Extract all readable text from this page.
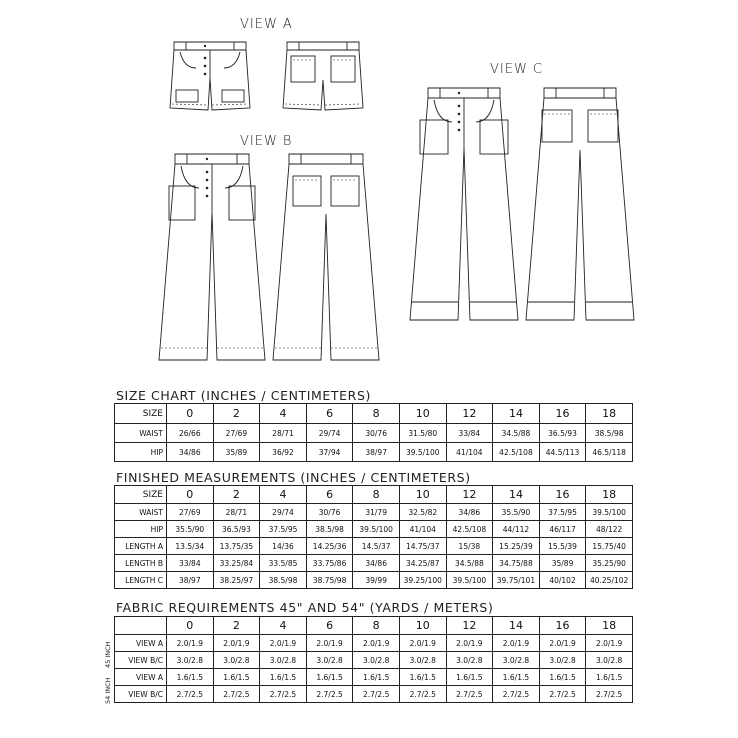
VIEW A
VIEW B
VIEW C
SIZE CHART (INCHES / CENTIMETERS)
SIZE	0	2	4	6	8	10	12	14	16	18
WAIST	26/66	27/69	28/71	29/74	30/76	31.5/80	33/84	34.5/88	36.5/93	38.5/98
HIP	34/86	35/89	36/92	37/94	38/97	39.5/100	41/104	42.5/108	44.5/113	46.5/118
FINISHED MEASUREMENTS (INCHES / CENTIMETERS)
SIZE	0	2	4	6	8	10	12	14	16	18
WAIST	27/69	28/71	29/74	30/76	31/79	32.5/82	34/86	35.5/90	37.5/95	39.5/100
HIP	35.5/90	36.5/93	37.5/95	38.5/98	39.5/100	41/104	42.5/108	44/112	46/117	48/122
LENGTH A	13.5/34	13.75/35	14/36	14.25/36	14.5/37	14.75/37	15/38	15.25/39	15.5/39	15.75/40
LENGTH B	33/84	33.25/84	33.5/85	33.75/86	34/86	34.25/87	34.5/88	34.75/88	35/89	35.25/90
LENGTH C	38/97	38.25/97	38.5/98	38.75/98	39/99	39.25/100	39.5/100	39.75/101	40/102	40.25/102
FABRIC REQUIREMENTS 45" AND 54" (YARDS / METERS)
45 INCH
54 INCH
	0	2	4	6	8	10	12	14	16	18
VIEW A	2.0/1.9	2.0/1.9	2.0/1.9	2.0/1.9	2.0/1.9	2.0/1.9	2.0/1.9	2.0/1.9	2.0/1.9	2.0/1.9
VIEW B/C	3.0/2.8	3.0/2.8	3.0/2.8	3.0/2.8	3.0/2.8	3.0/2.8	3.0/2.8	3.0/2.8	3.0/2.8	3.0/2.8
VIEW A	1.6/1.5	1.6/1.5	1.6/1.5	1.6/1.5	1.6/1.5	1.6/1.5	1.6/1.5	1.6/1.5	1.6/1.5	1.6/1.5
VIEW B/C	2.7/2.5	2.7/2.5	2.7/2.5	2.7/2.5	2.7/2.5	2.7/2.5	2.7/2.5	2.7/2.5	2.7/2.5	2.7/2.5
